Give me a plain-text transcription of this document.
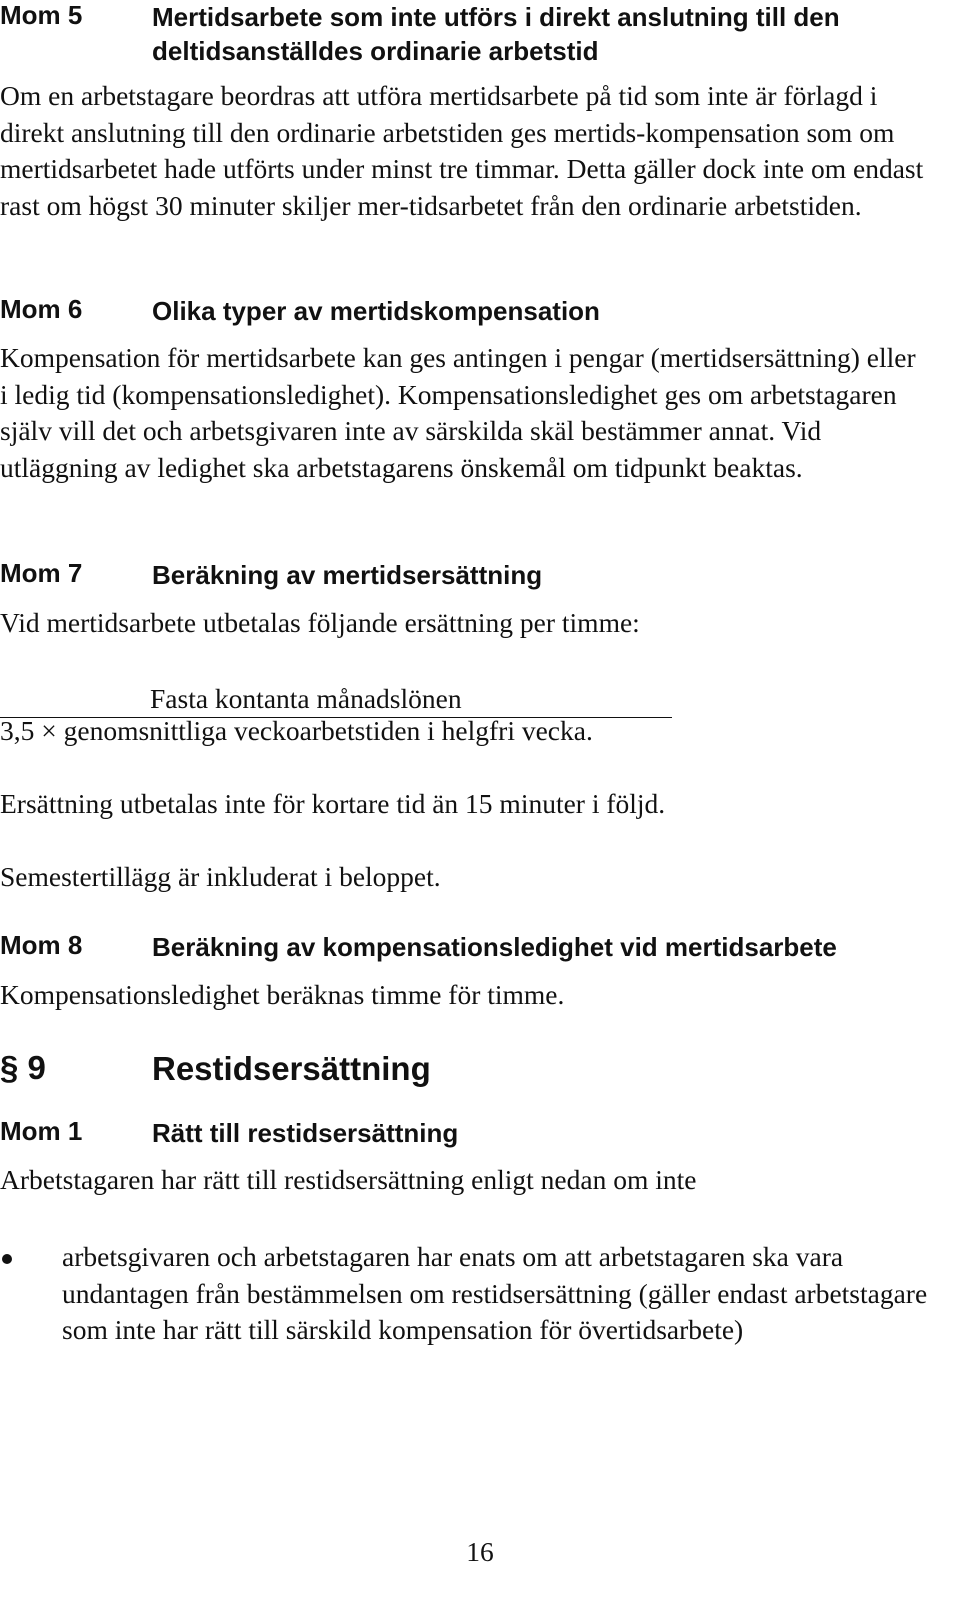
Mom 5	Mertidsarbete som inte utförs i direkt anslutning till den deltidsanställdes ordinarie arbetstid

Om en arbetstagare beordras att utföra mertidsarbete på tid som inte är förlagd i direkt anslutning till den ordinarie arbetstiden ges mertids-kompensation som om mertidsarbetet hade utförts under minst tre timmar. Detta gäller dock inte om endast rast om högst 30 minuter skiljer mer-tidsarbetet från den ordinarie arbetstiden.

Mom 6	Olika typer av mertidskompensation

Kompensation för mertidsarbete kan ges antingen i pengar (mertidsersättning) eller i ledig tid (kompensationsledighet). Kompensationsledighet ges om arbetstagaren själv vill det och arbetsgivaren inte av särskilda skäl bestämmer annat. Vid utläggning av ledighet ska arbetstagarens önskemål om tidpunkt beaktas.

Mom 7	Beräkning av mertidsersättning

Vid mertidsarbete utbetalas följande ersättning per timme:

Fasta kontanta månadslönen

3,5 × genomsnittliga veckoarbetstiden i helgfri vecka.

Ersättning utbetalas inte för kortare tid än 15 minuter i följd.

Semestertillägg är inkluderat i beloppet.

Mom 8	Beräkning av kompensationsledighet vid mertidsarbete

Kompensationsledighet beräknas timme för timme.

§ 9	Restidsersättning
Mom 1	Rätt till restidsersättning

Arbetstagaren har rätt till restidsersättning enligt nedan om inte

arbetsgivaren och arbetstagaren har enats om att arbetstagaren ska vara undantagen från bestämmelsen om restidsersättning (gäller endast arbetstagare som inte har rätt till särskild kompensation för övertidsarbete)
16
